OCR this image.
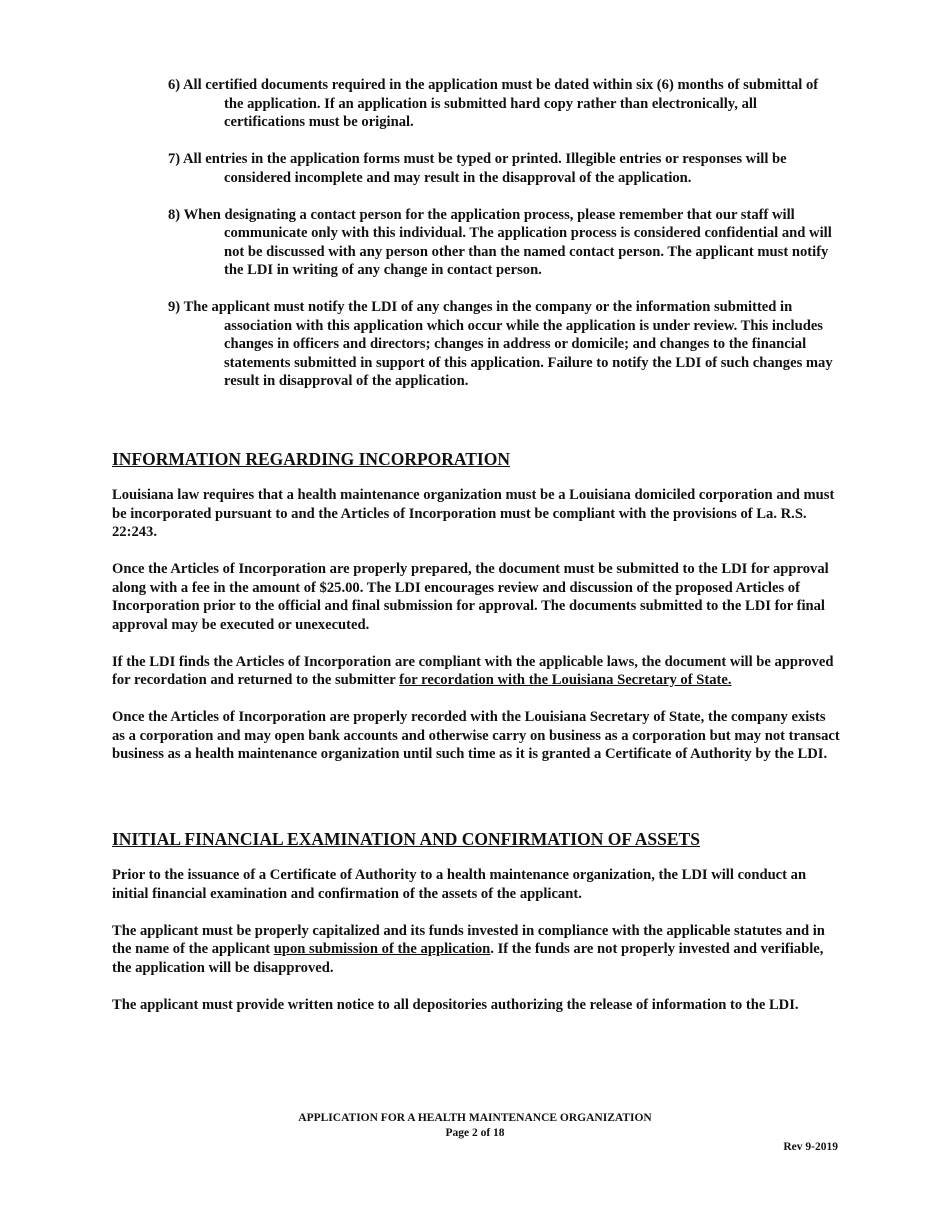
6) All certified documents required in the application must be dated within six (6) months of submittal of the application. If an application is submitted hard copy rather than electronically, all certifications must be original.
7) All entries in the application forms must be typed or printed. Illegible entries or responses will be considered incomplete and may result in the disapproval of the application.
8) When designating a contact person for the application process, please remember that our staff will communicate only with this individual. The application process is considered confidential and will not be discussed with any person other than the named contact person. The applicant must notify the LDI in writing of any change in contact person.
9) The applicant must notify the LDI of any changes in the company or the information submitted in association with this application which occur while the application is under review. This includes changes in officers and directors; changes in address or domicile; and changes to the financial statements submitted in support of this application. Failure to notify the LDI of such changes may result in disapproval of the application.
INFORMATION REGARDING INCORPORATION
Louisiana law requires that a health maintenance organization must be a Louisiana domiciled corporation and must be incorporated pursuant to and the Articles of Incorporation must be compliant with the provisions of La. R.S. 22:243.
Once the Articles of Incorporation are properly prepared, the document must be submitted to the LDI for approval along with a fee in the amount of $25.00. The LDI encourages review and discussion of the proposed Articles of Incorporation prior to the official and final submission for approval. The documents submitted to the LDI for final approval may be executed or unexecuted.
If the LDI finds the Articles of Incorporation are compliant with the applicable laws, the document will be approved for recordation and returned to the submitter for recordation with the Louisiana Secretary of State.
Once the Articles of Incorporation are properly recorded with the Louisiana Secretary of State, the company exists as a corporation and may open bank accounts and otherwise carry on business as a corporation but may not transact business as a health maintenance organization until such time as it is granted a Certificate of Authority by the LDI.
INITIAL FINANCIAL EXAMINATION AND CONFIRMATION OF ASSETS
Prior to the issuance of a Certificate of Authority to a health maintenance organization, the LDI will conduct an initial financial examination and confirmation of the assets of the applicant.
The applicant must be properly capitalized and its funds invested in compliance with the applicable statutes and in the name of the applicant upon submission of the application. If the funds are not properly invested and verifiable, the application will be disapproved.
The applicant must provide written notice to all depositories authorizing the release of information to the LDI.
APPLICATION FOR A HEALTH MAINTENANCE ORGANIZATION
Page 2 of 18
Rev 9-2019
